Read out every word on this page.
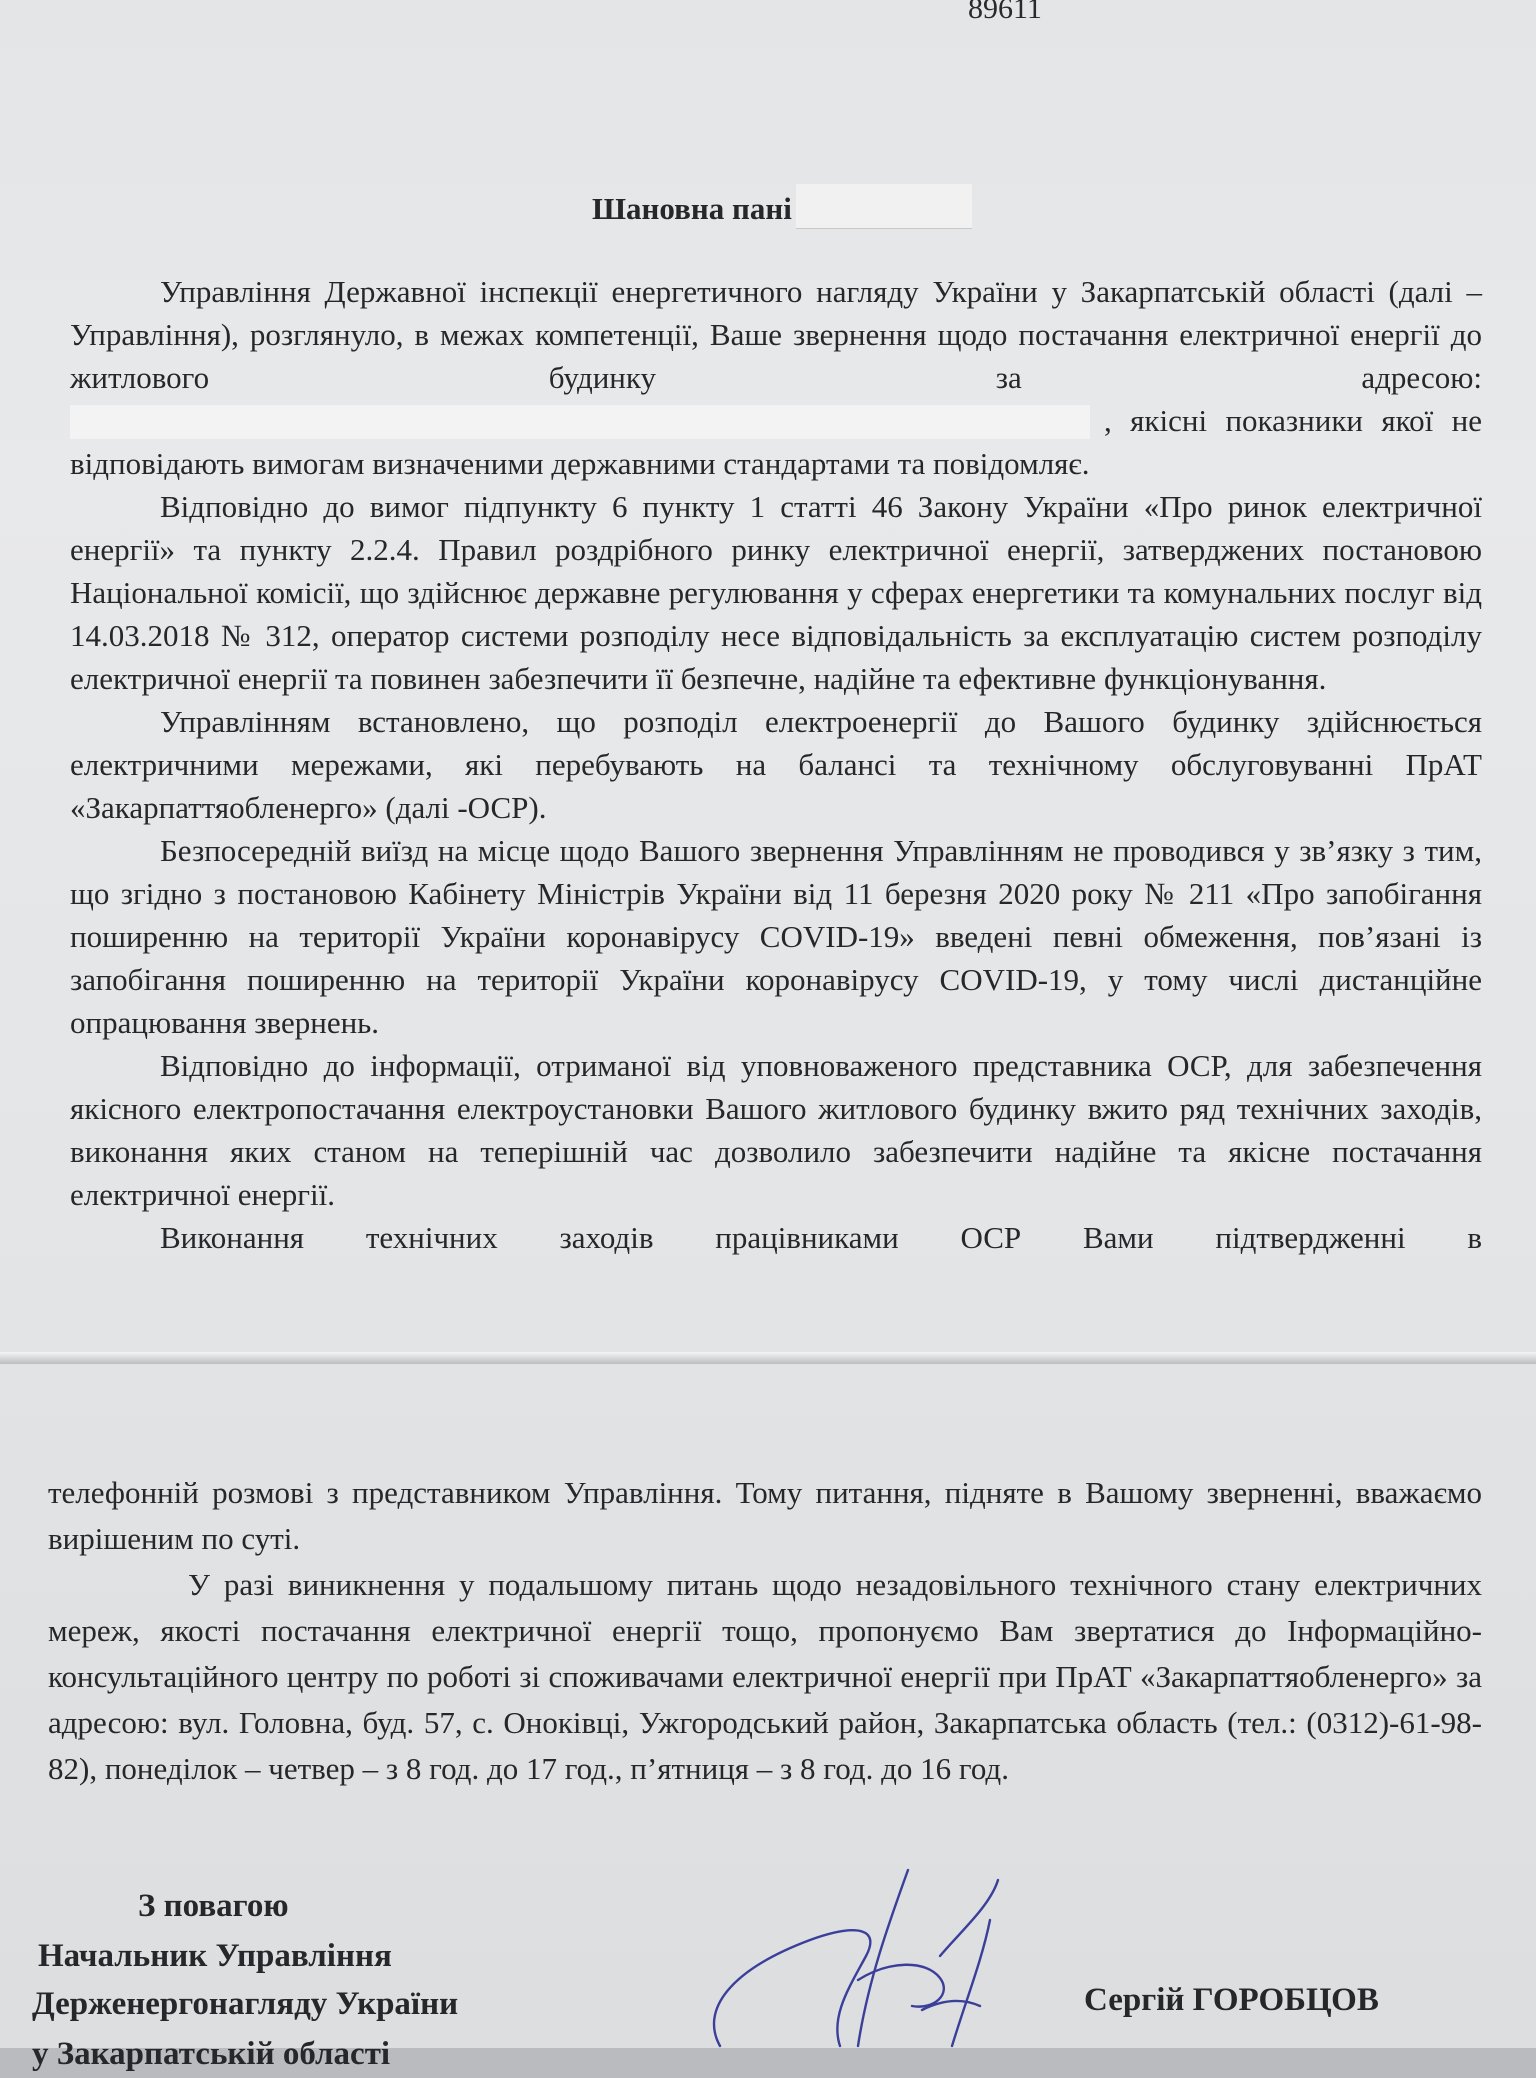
89611
Шановна пані

Управління Державної інспекції енергетичного нагляду України у Закарпатській області (далі – Управління), розглянуло, в межах компетенції, Ваше звернення щодо постачання електричної енергії до житлового будинку за адресою: , якісні показники якої не відповідають вимогам визначеними державними стандартами та повідомляє.

Відповідно до вимог підпункту 6 пункту 1 статті 46 Закону України «Про ринок електричної енергії» та пункту 2.2.4. Правил роздрібного ринку електричної енергії, затверджених постановою Національної комісії, що здійснює державне регулювання у сферах енергетики та комунальних послуг від 14.03.2018 № 312, оператор системи розподілу несе відповідальність за експлуатацію систем розподілу електричної енергії та повинен забезпечити її безпечне, надійне та ефективне функціонування.

Управлінням встановлено, що розподіл електроенергії до Вашого будинку здійснюється електричними мережами, які перебувають на балансі та технічному обслуговуванні ПрАТ «Закарпаттяобленерго» (далі -ОСР).

Безпосередній виїзд на місце щодо Вашого звернення Управлінням не проводився у зв’язку з тим, що згідно з постановою Кабінету Міністрів України від 11 березня 2020 року № 211 «Про запобігання поширенню на території України коронавірусу COVID-19» введені певні обмеження, пов’язані із запобігання поширенню на території України коронавірусу COVID-19, у тому числі дистанційне опрацювання звернень.

Відповідно до інформації, отриманої від уповноваженого представника ОСР, для забезпечення якісного електропостачання електроустановки Вашого житлового будинку вжито ряд технічних заходів, виконання яких станом на теперішній час дозволило забезпечити надійне та якісне постачання електричної енергії.

Виконання технічних заходів працівниками ОСР Вами підтвердженні в

телефонній розмові з представником Управління. Тому питання, підняте в Вашому зверненні, вважаємо вирішеним по суті.

У разі виникнення у подальшому питань щодо незадовільного технічного стану електричних мереж, якості постачання електричної енергії тощо, пропонуємо Вам звертатися до Інформаційно-консультаційного центру по роботі зі споживачами електричної енергії при ПрАТ «Закарпаттяобленерго» за адресою: вул. Головна, буд. 57, с. Оноківці, Ужгородський район, Закарпатська область (тел.: (0312)-61-98-82), понеділок – четвер – з 8 год. до 17 год., п’ятниця – з 8 год. до 16 год.

З повагою
Начальник Управління
Держенергонагляду України
у Закарпатській області
Сергій ГОРОБЦОВ
